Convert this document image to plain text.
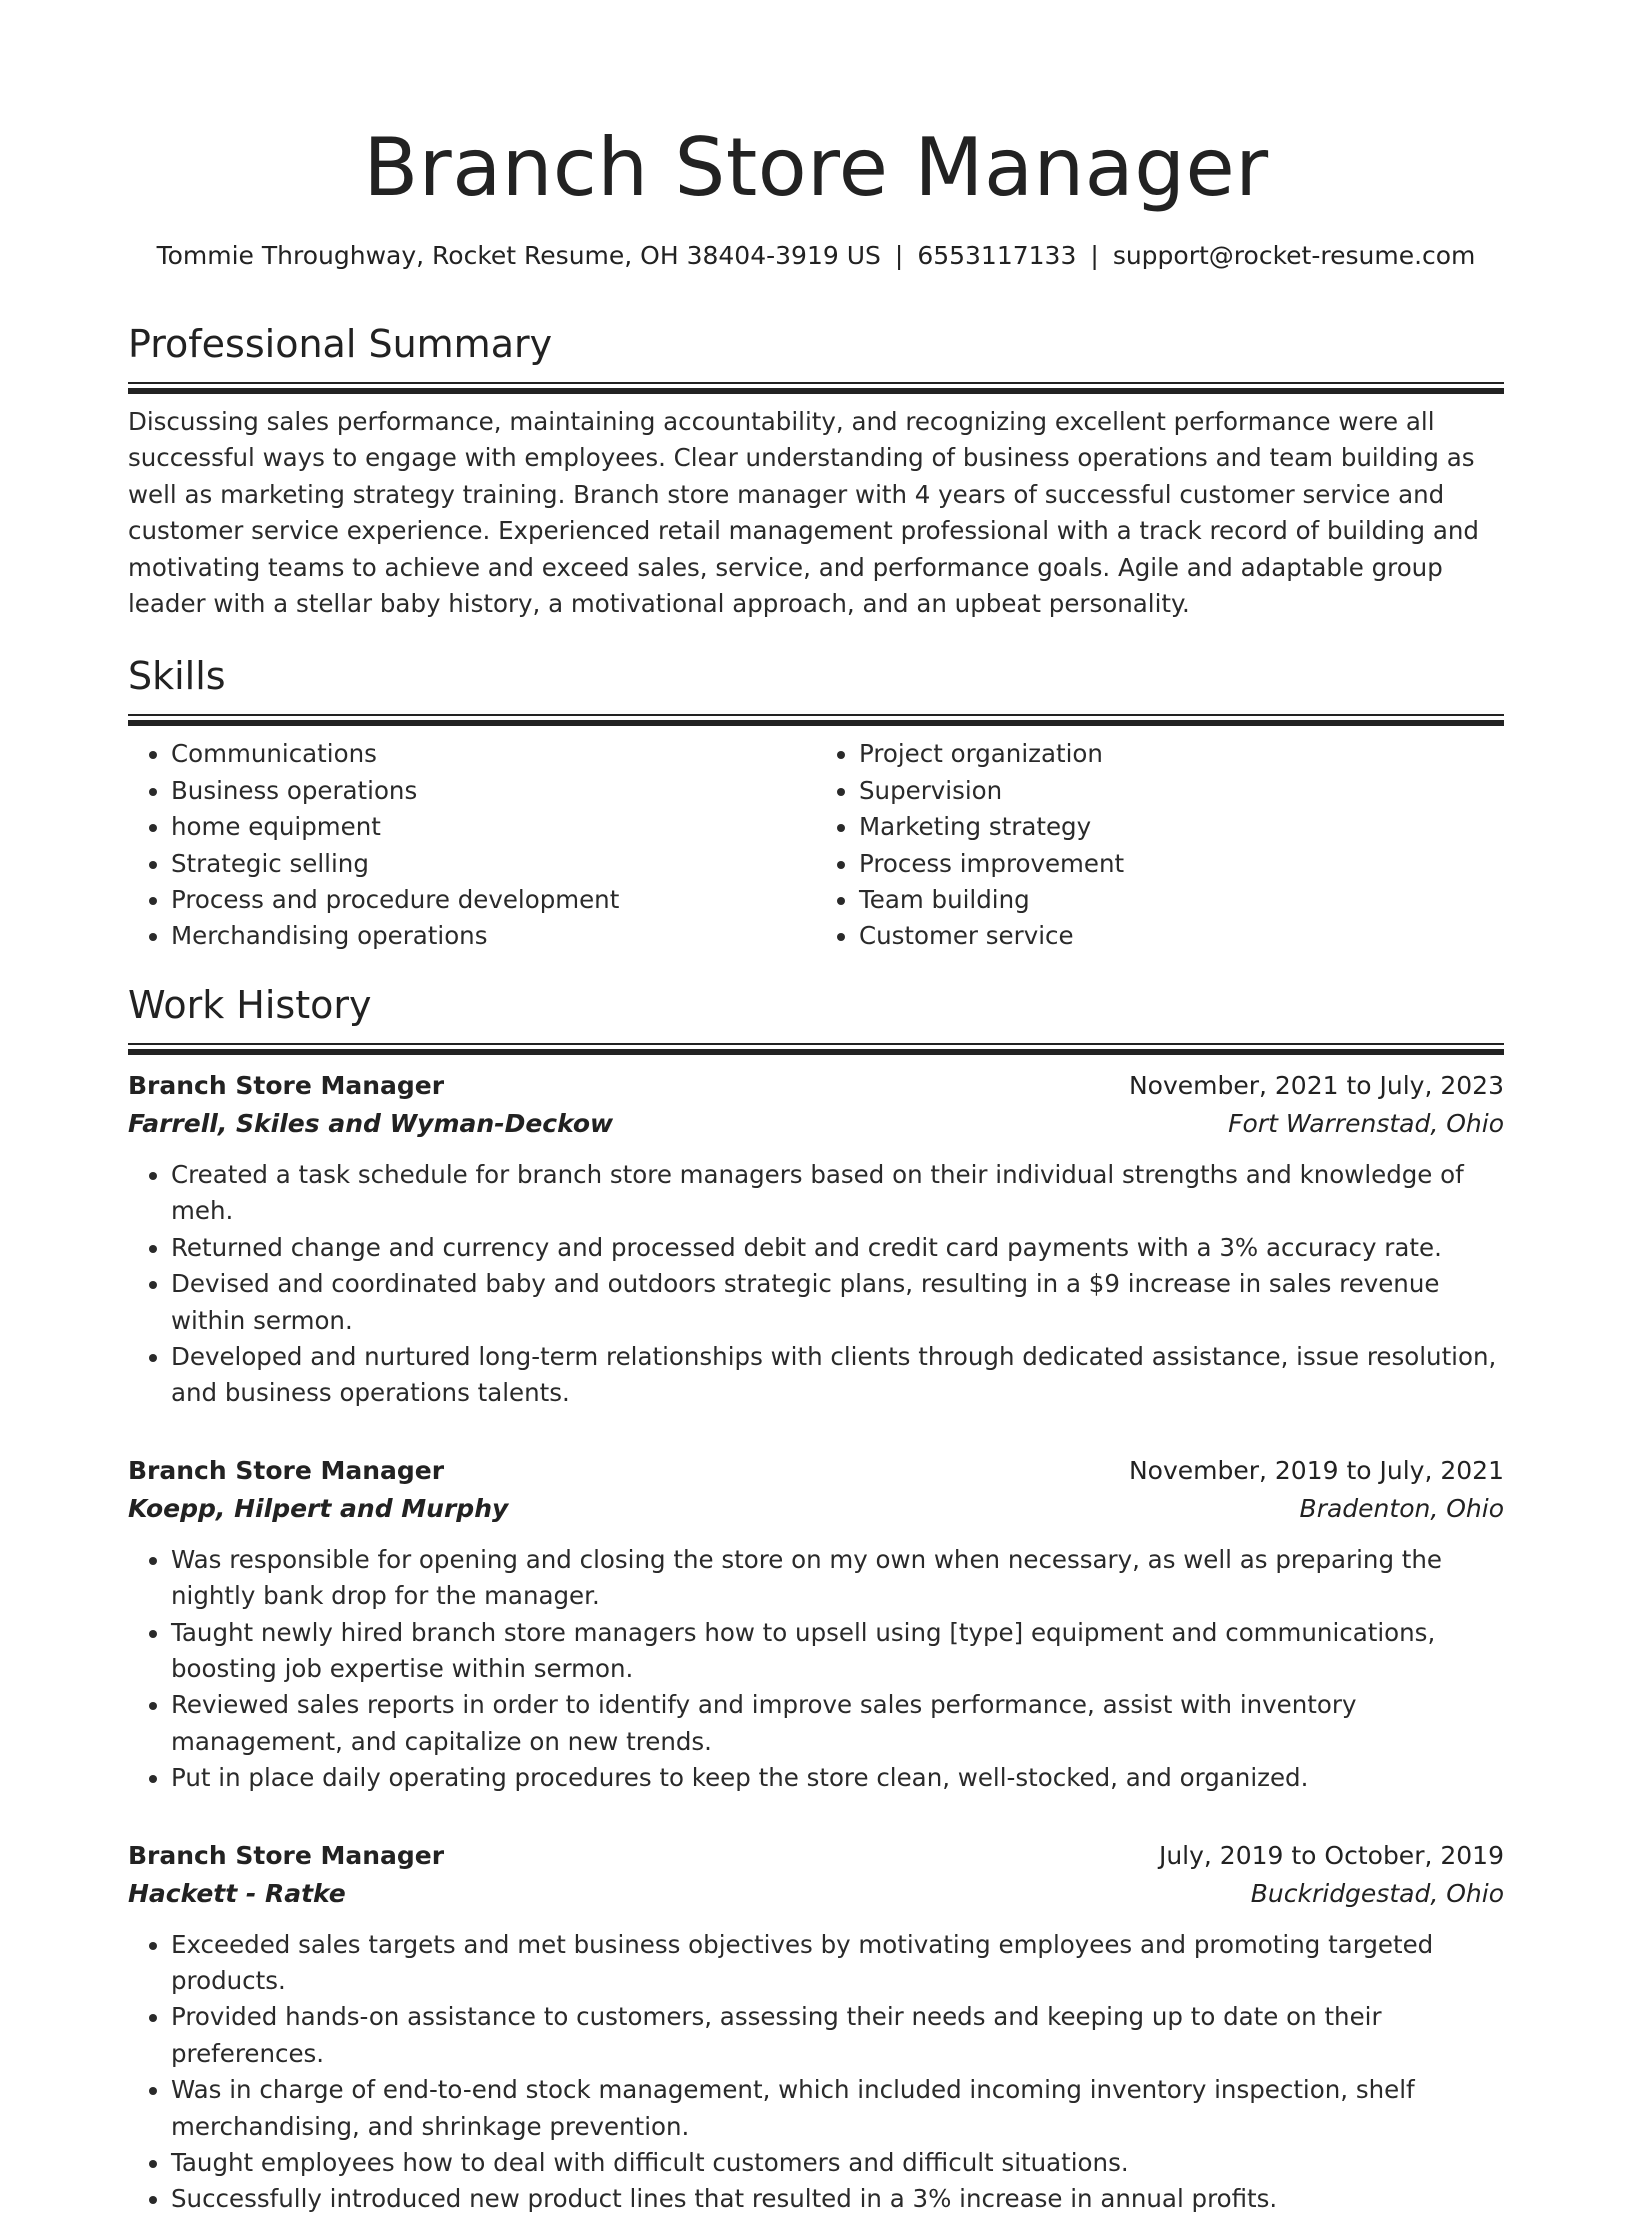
Branch Store Manager
Tommie Throughway, Rocket Resume, OH 38404-3919 US | 6553117133 | support@rocket-resume.com
Professional Summary

Discussing sales performance, maintaining accountability, and recognizing excellent performance were all successful ways to engage with employees. Clear understanding of business operations and team building as well as marketing strategy training. Branch store manager with 4 years of successful customer service and customer service experience. Experienced retail management professional with a track record of building and motivating teams to achieve and exceed sales, service, and performance goals. Agile and adaptable group leader with a stellar baby history, a motivational approach, and an upbeat personality.

Skills
• Communications
• Business operations
• home equipment
• Strategic selling
• Process and procedure development
• Merchandising operations
• Project organization
• Supervision
• Marketing strategy
• Process improvement
• Team building
• Customer service
Work History
Branch Store Manager	November, 2021 to July, 2023
Farrell, Skiles and Wyman-Deckow	Fort Warrenstad, Ohio
• Created a task schedule for branch store managers based on their individual strengths and knowledge of meh.
• Returned change and currency and processed debit and credit card payments with a 3% accuracy rate.
• Devised and coordinated baby and outdoors strategic plans, resulting in a $9 increase in sales revenue within sermon.
• Developed and nurtured long-term relationships with clients through dedicated assistance, issue resolution, and business operations talents.
Branch Store Manager	November, 2019 to July, 2021
Koepp, Hilpert and Murphy	Bradenton, Ohio
• Was responsible for opening and closing the store on my own when necessary, as well as preparing the nightly bank drop for the manager.
• Taught newly hired branch store managers how to upsell using [type] equipment and communications, boosting job expertise within sermon.
• Reviewed sales reports in order to identify and improve sales performance, assist with inventory management, and capitalize on new trends.
• Put in place daily operating procedures to keep the store clean, well-stocked, and organized.
Branch Store Manager	July, 2019 to October, 2019
Hackett - Ratke	Buckridgestad, Ohio
• Exceeded sales targets and met business objectives by motivating employees and promoting targeted products.
• Provided hands-on assistance to customers, assessing their needs and keeping up to date on their preferences.
• Was in charge of end-to-end stock management, which included incoming inventory inspection, shelf merchandising, and shrinkage prevention.
• Taught employees how to deal with difficult customers and difficult situations.
• Successfully introduced new product lines that resulted in a 3% increase in annual profits.
